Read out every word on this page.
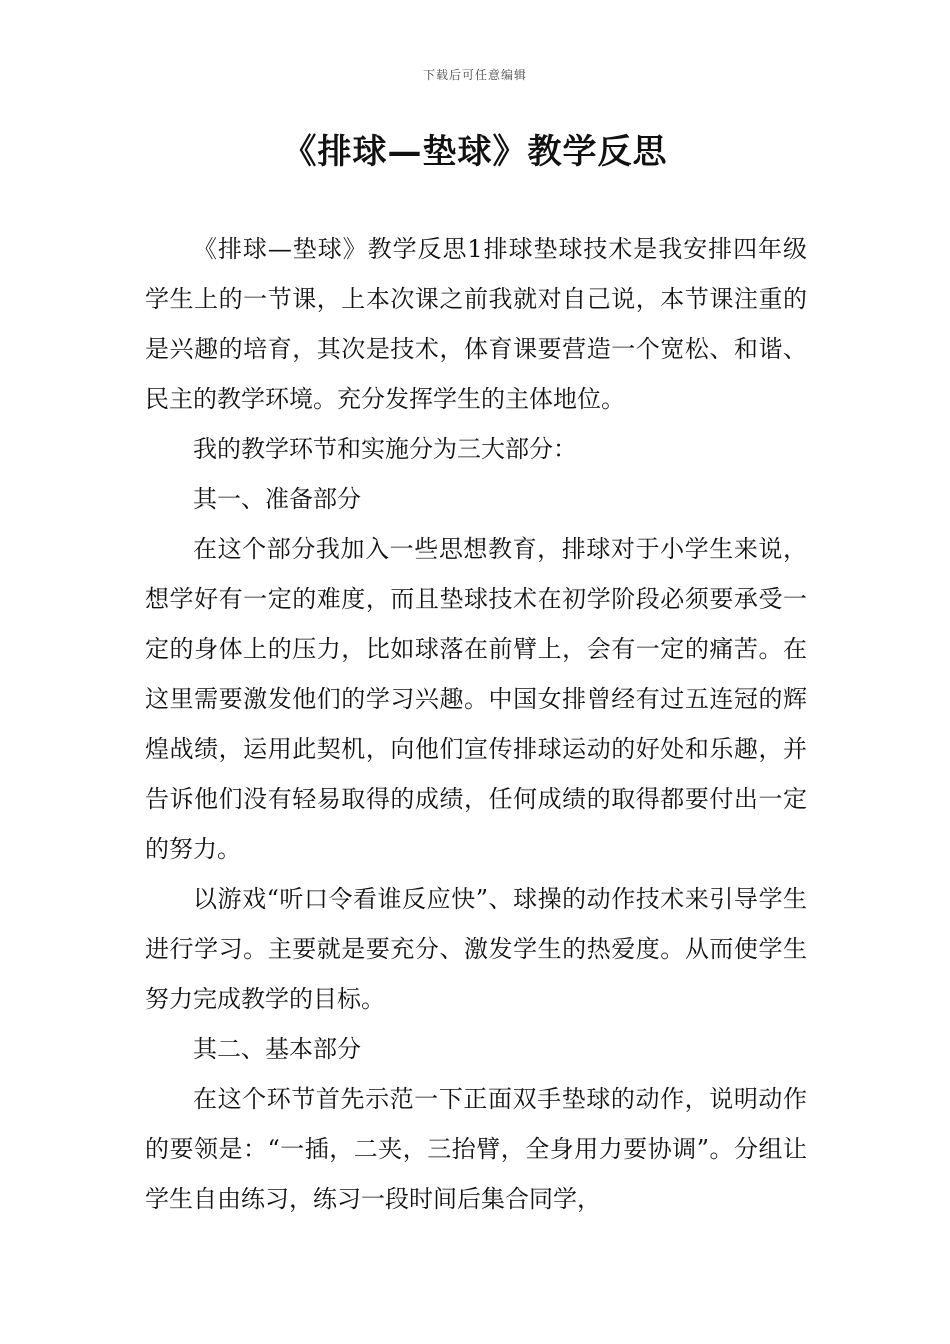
下载后可任意编辑
《排球—垫球》教学反思

《排球—垫球》教学反思1排球垫球技术是我安排四年级学生上的一节课，上本次课之前我就对自己说，本节课注重的是兴趣的培育，其次是技术，体育课要营造一个宽松、和谐、民主的教学环境。充分发挥学生的主体地位。

我的教学环节和实施分为三大部分：

其一、准备部分

在这个部分我加入一些思想教育，排球对于小学生来说，想学好有一定的难度，而且垫球技术在初学阶段必须要承受一定的身体上的压力，比如球落在前臂上，会有一定的痛苦。在这里需要激发他们的学习兴趣。中国女排曾经有过五连冠的辉煌战绩，运用此契机，向他们宣传排球运动的好处和乐趣，并告诉他们没有轻易取得的成绩，任何成绩的取得都要付出一定的努力。

以游戏“听口令看谁反应快”、球操的动作技术来引导学生进行学习。主要就是要充分、激发学生的热爱度。从而使学生努力完成教学的目标。

其二、基本部分

在这个环节首先示范一下正面双手垫球的动作，说明动作的要领是：“一插，二夹，三抬臂，全身用力要协调”。分组让学生自由练习，练习一段时间后集合同学，
